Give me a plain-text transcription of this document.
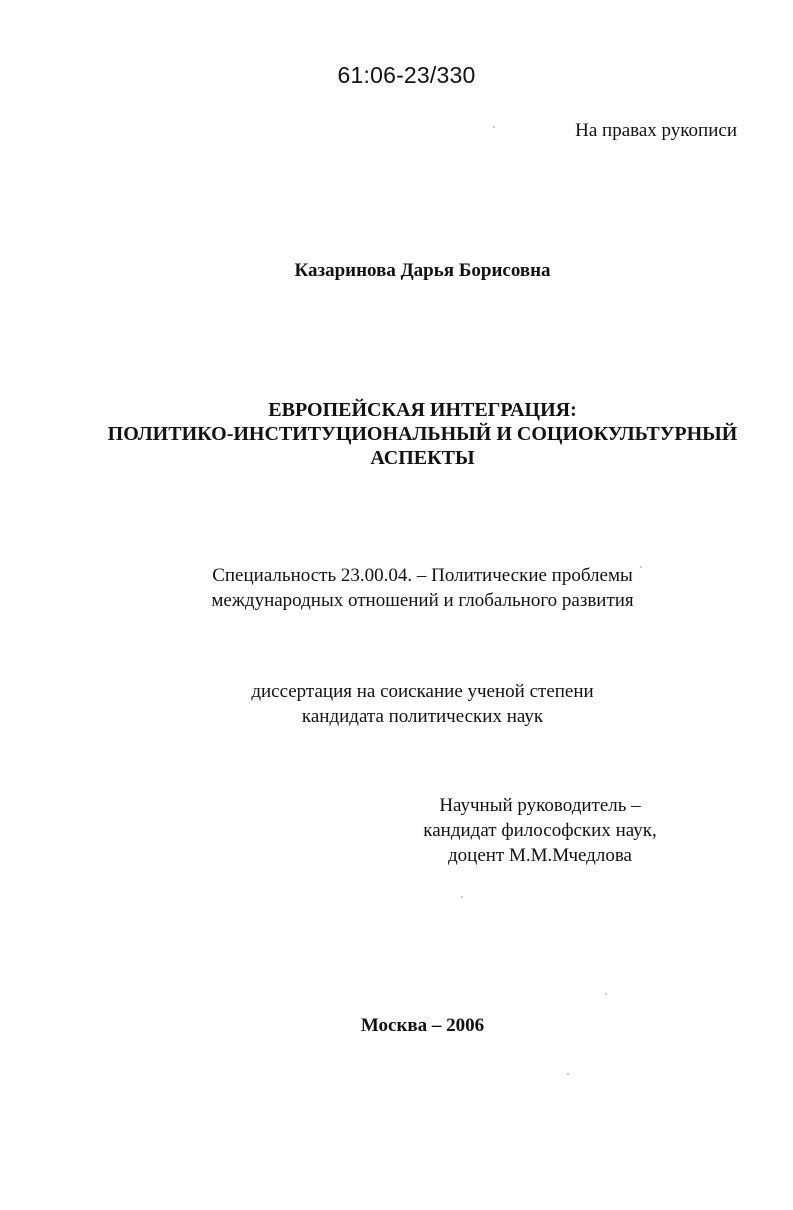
61:06-23/330
На правах рукописи
Казаринова Дарья Борисовна
ЕВРОПЕЙСКАЯ ИНТЕГРАЦИЯ:
ПОЛИТИКО-ИНСТИТУЦИОНАЛЬНЫЙ И СОЦИОКУЛЬТУРНЫЙ
АСПЕКТЫ
Специальность 23.00.04. – Политические проблемы
международных отношений и глобального развития
диссертация на соискание ученой степени
кандидата политических наук
Научный руководитель –
кандидат философских наук,
доцент М.М.Мчедлова
Москва – 2006
